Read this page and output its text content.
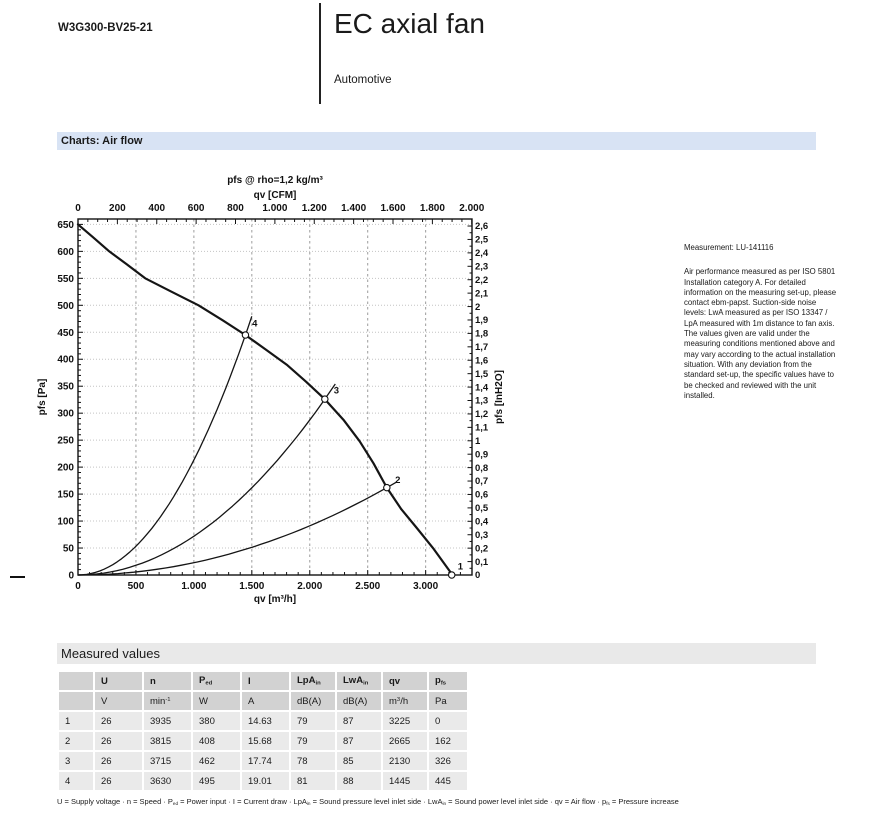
W3G300-BV25-21	EC axial fan
Automotive
Charts: Air flow
0	200 400 600 800 1.000 1.200 1.400 1.600 1.800 2.000
0	500	1.000	1.500	2.000	2.500	3.000
0
50
100
150
200
250
300
350
400
450
500
550
600
650
0
0,1
0,2
0,3
0,4
0,5
0,6
0,7
0,8
0,9
1
1,1
1,2
1,3
1,4
1,5
1,6
1,7
1,8
1,9
2
2,1
2,2
2,3
2,4
2,5
2,6
pfs @ rho=1,2 kg/m³
qv [CFM]
qv [m³/h]
pfs [Pa]	pfs [InH2O]
1
2
3
4

Measurement: LU-141116

Air performance measured as per ISO 5801 Installation category A. For detailed information on the measuring set-up, please contact ebm-papst. Suction-side noise levels: LwA measured as per ISO 13347 / LpA measured with 1m distance to fan axis. The values given are valid under the measuring conditions mentioned above and may vary according to the actual installation situation. With any deviation from the standard set-up, the specific values have to be checked and reviewed with the unit installed.

Measured values
	U	n	Ped	I	LpAin	LwAin	qv	pfs
	V	$\min^{-1}$	W	A	dB(A)	dB(A)	$m^3/h$	Pa
1	26	3935	380	14.63	79	87	3225	0
2	26	3815	408	15.68	79	87	2665	162
3	26	3715	462	17.74	78	85	2130	326
4	26	3630	495	19.01	81	88	1445	445
U = Supply voltage · n = Speed · Ped = Power input · I = Current draw · LpAin = Sound pressure level inlet side · LwAin = Sound power level inlet side · qv = Air flow · pfs = Pressure increase
